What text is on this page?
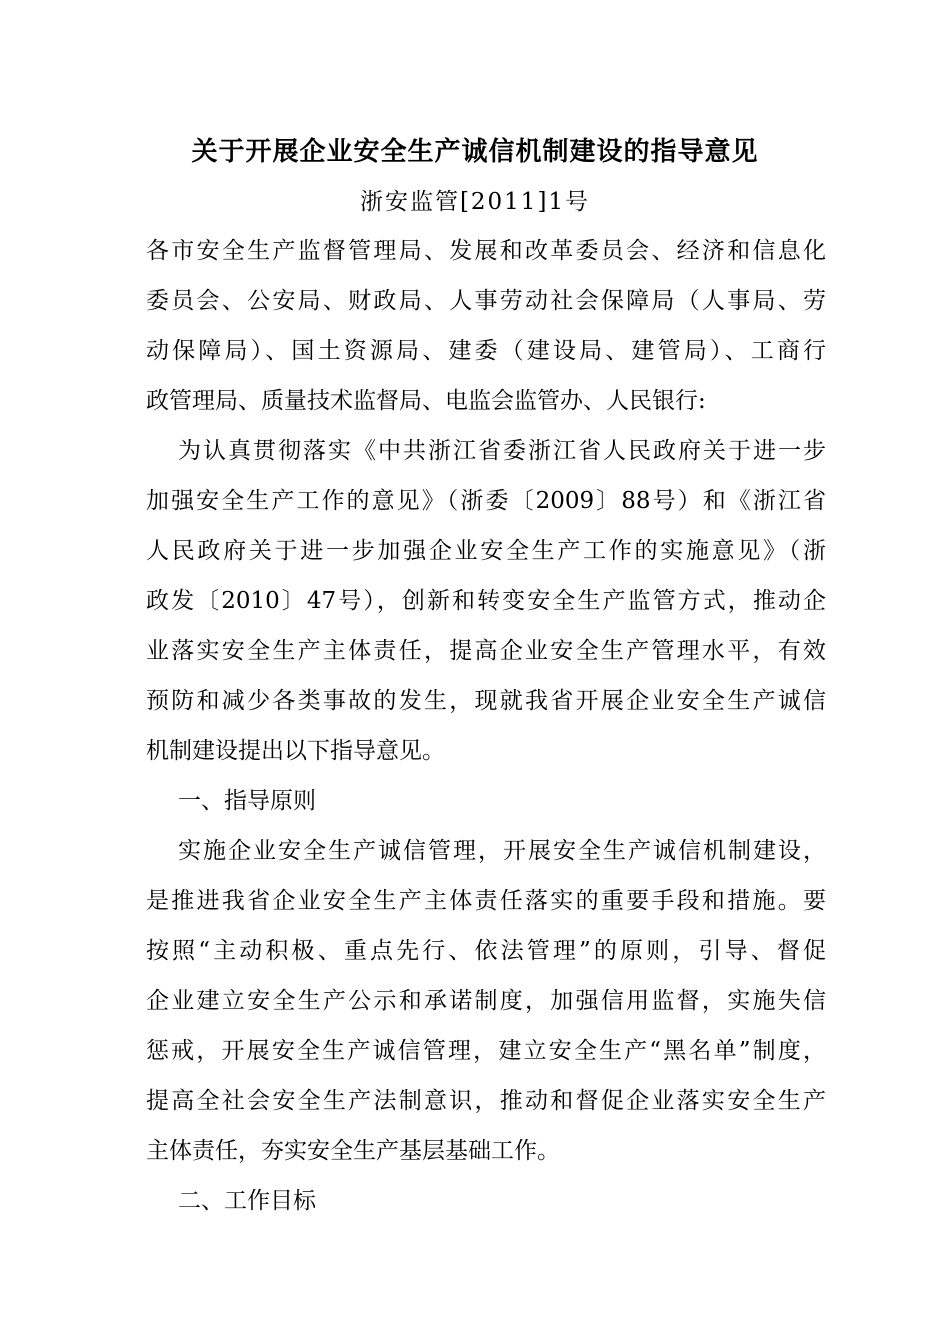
关于开展企业安全生产诚信机制建设的指导意见
浙安监管[2011]1号
各市安全生产监督管理局、发展和改革委员会、经济和信息化
委员会、公安局、财政局、人事劳动社会保障局（人事局、劳
动保障局）、国土资源局、建委（建设局、建管局）、工商行
政管理局、质量技术监督局、电监会监管办、人民银行:
为认真贯彻落实《中共浙江省委浙江省人民政府关于进一步
加强安全生产工作的意见》（浙委〔2009〕88号）和《浙江省
人民政府关于进一步加强企业安全生产工作的实施意见》（浙
政发〔2010〕47号），创新和转变安全生产监管方式，推动企
业落实安全生产主体责任，提高企业安全生产管理水平，有效
预防和减少各类事故的发生，现就我省开展企业安全生产诚信
机制建设提出以下指导意见。
一、指导原则
实施企业安全生产诚信管理，开展安全生产诚信机制建设，
是推进我省企业安全生产主体责任落实的重要手段和措施。要
按照“主动积极、重点先行、依法管理”的原则，引导、督促
企业建立安全生产公示和承诺制度，加强信用监督，实施失信
惩戒，开展安全生产诚信管理，建立安全生产“黑名单”制度，
提高全社会安全生产法制意识，推动和督促企业落实安全生产
主体责任，夯实安全生产基层基础工作。
二、工作目标
